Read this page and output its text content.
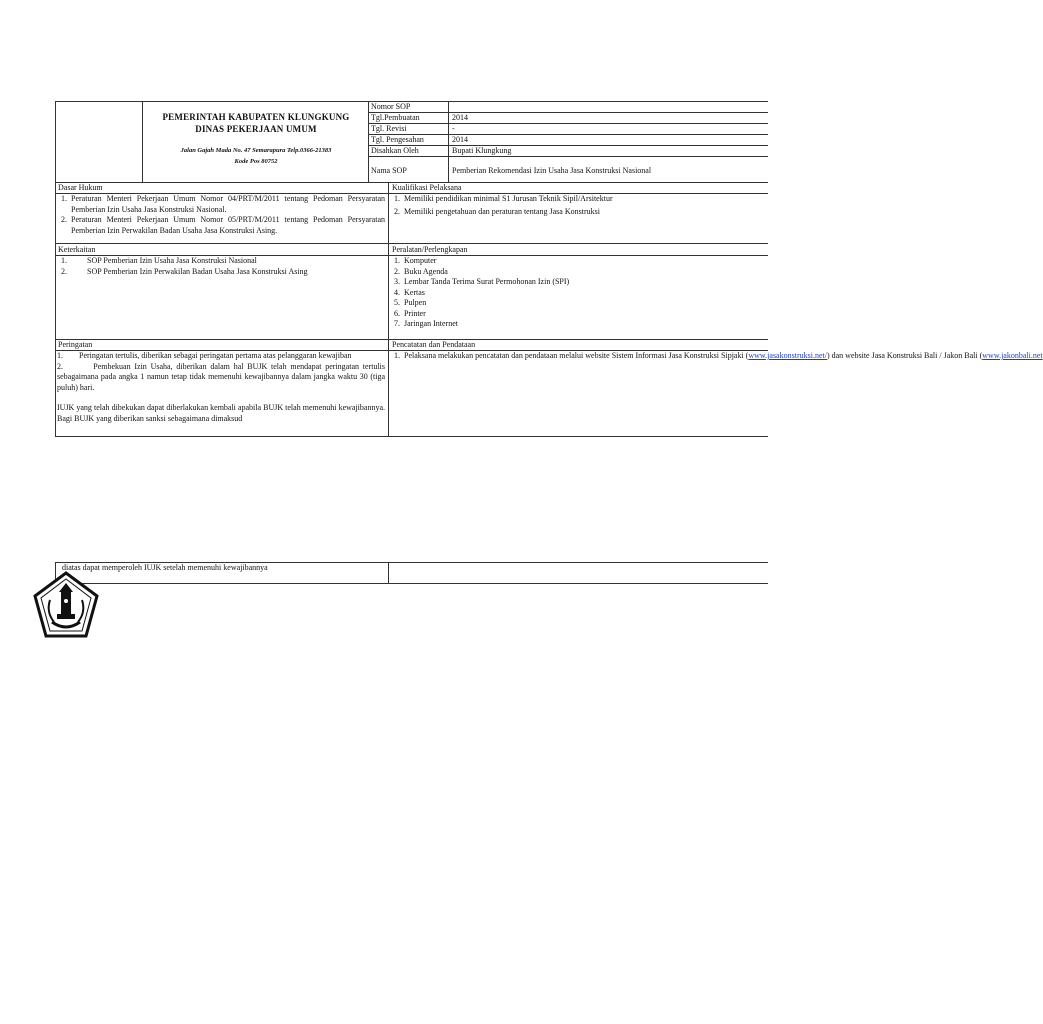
PEMERINTAH KABUPATEN KLUNGKUNG
DINAS PEKERJAAN UMUM
Jalan Gajah Mada No. 47 Semarapura Telp.0366-21383
Kode Pos 80752
Nomor SOP
Tgl.Pembuatan
Tgl. Revisi
Tgl. Pengesahan
Disahkan Oleh
Nama SOP
2014
-
2014
Bupati Klungkung
Pemberian Rekomendasi Izin Usaha Jasa Konstruksi Nasional
Dasar Hukum
1. Peraturan Menteri Pekerjaan Umum Nomor 04/PRT/M/2011 tentang Pedoman Persyaratan Pemberian Izin Usaha Jasa Konstruksi Nasional.
2. Peraturan Menteri Pekerjaan Umum Nomor 05/PRT/M/2011 tentang Pedoman Persyaratan Pemberian Izin Perwakilan Badan Usaha Jasa Konstruksi Asing.
Kualifikasi Pelaksana
1. Memiliki pendidikan minimal S1 Jurusan Teknik Sipil/Arsitektur
2. Memiliki pengetahuan dan peraturan tentang Jasa Konstruksi
Keterkaitan
1.	SOP Pemberian Izin Usaha Jasa Konstruksi Nasional
2.	SOP Pemberian Izin Perwakilan Badan Usaha Jasa Konstruksi Asing
Peralatan/Perlengkapan
1. Komputer
2. Buku Agenda
3. Lembar Tanda Terima Surat Permohonan Izin (SPI)
4. Kertas
5. Pulpen
6. Printer
7. Jaringan Internet
Peringatan
1.        Peringatan tertulis, diberikan sebagai peringatan pertama atas pelanggaran kewajiban
2.        Pembekuan Izin Usaha, diberikan dalam hal BUJK telah mendapat peringatan tertulis sebagaimana pada angka 1 namun tetap tidak memenuhi kewajibannya dalam jangka waktu 30 (tiga puluh) hari.
IUJK yang telah dibekukan dapat diberlakukan kembali apabila BUJK telah memenuhi kewajibannya. Bagi BUJK yang diberikan sanksi sebagaimana dimaksud
Pencatatan dan Pendataan
1. Pelaksana melakukan pencatatan dan pendataan melalui website Sistem Informasi Jasa Konstruksi Sipjaki (www.jasakonstruksi.net/) dan website Jasa Konstruksi Bali / Jakon Bali (www.jakonbali.net
diatas dapat memperoleh IUJK setelah memenuhi kewajibannya
